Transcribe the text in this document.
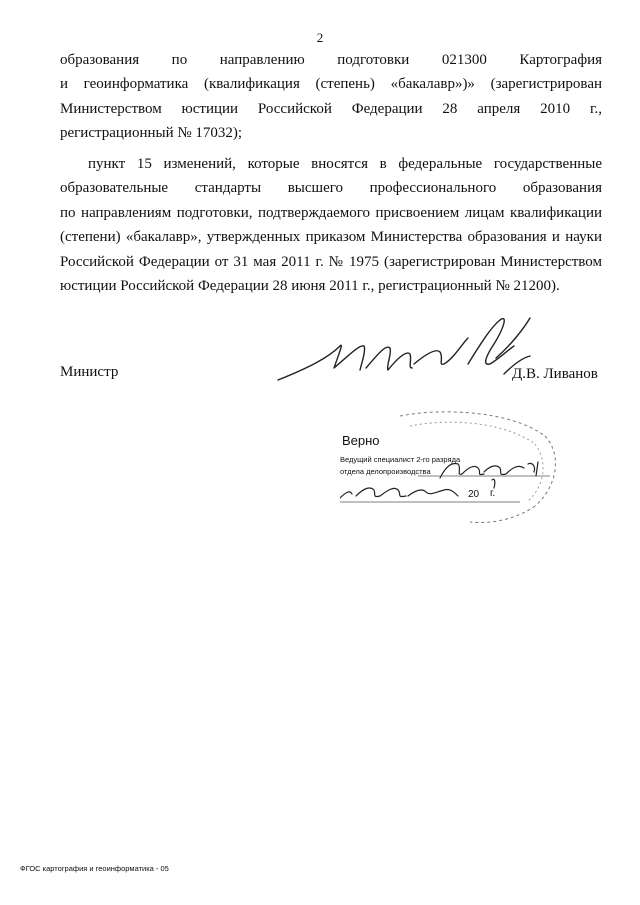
2
образования по направлению подготовки 021300 Картография
и геоинформатика (квалификация (степень) «бакалавр»)» (зарегистрирован
Министерством юстиции Российской Федерации 28 апреля 2010 г.,
регистрационный № 17032);
пункт 15 изменений, которые вносятся в федеральные государственные
образовательные стандарты высшего профессионального образования
по направлениям подготовки, подтверждаемого присвоением лицам квалификации
(степени) «бакалавр», утвержденных приказом Министерства образования и науки
Российской Федерации от 31 мая 2011 г. № 1975 (зарегистрирован Министерством
юстиции Российской Федерации 28 июня 2011 г., регистрационный № 21200).
Министр	Д.В. Ливанов
Верно
Ведущий специалист 2-го разряда
отдела делопроизводства
20 г.
ФГОС картография и геоинформатика - 05
